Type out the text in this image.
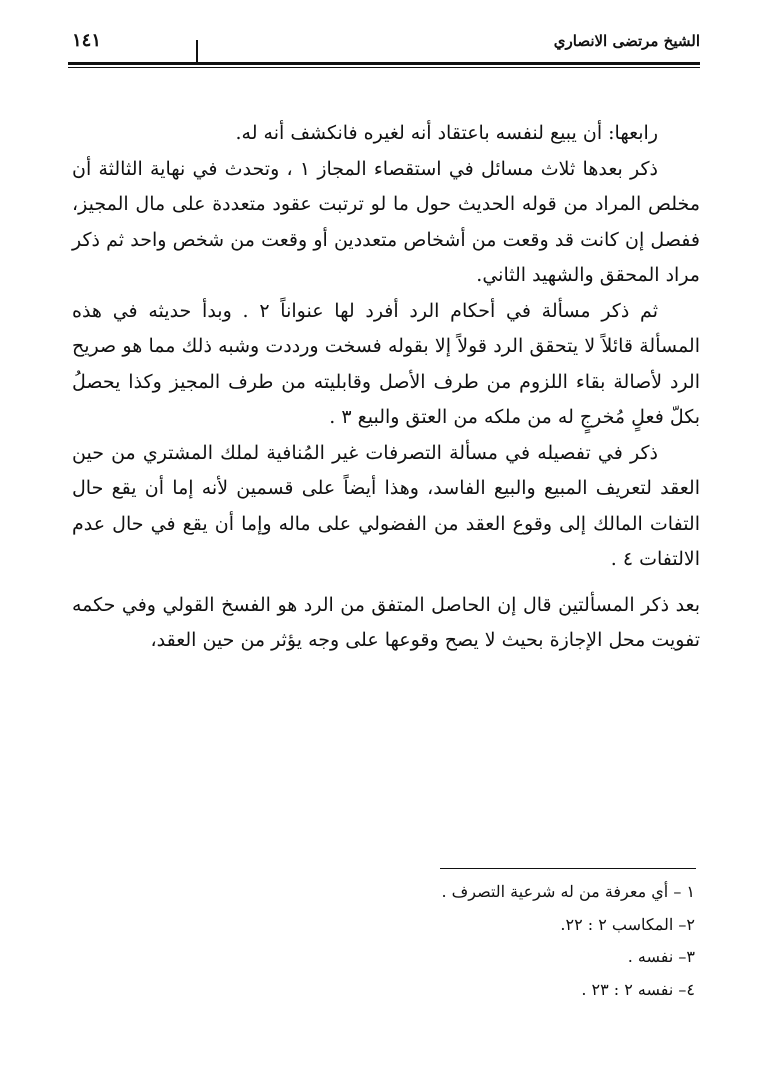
الشيخ مرتضى الانصاري
١٤١

رابعها: أن يبيع لنفسه باعتقاد أنه لغيره فانكشف أنه له.

ذكر بعدها ثلاث مسائل في استقصاء المجاز ١ ، وتحدث في نهاية الثالثة أن مخلص المراد من قوله الحديث حول ما لو ترتبت عقود متعددة على مال المجيز، ففصل إن كانت قد وقعت من أشخاص متعددين أو وقعت من شخص واحد ثم ذكر مراد المحقق والشهيد الثاني.

ثم ذكر مسألة في أحكام الرد أفرد لها عنواناً ٢ . وبدأ حديثه في هذه المسألة قائلاً لا يتحقق الرد قولاً إلا بقوله فسخت ورددت وشبه ذلك مما هو صريح الرد لأصالة بقاء اللزوم من طرف الأصل وقابليته من طرف المجيز وكذا يحصلُ بكلّ فعلٍ مُخرجٍ له من ملكه من العتق والبيع ٣ .

ذكر في تفصيله في مسألة التصرفات غير المُنافية لملك المشتري من حين العقد لتعريف المبيع والبيع الفاسد، وهذا أيضاً على قسمين لأنه إما أن يقع حال التفات المالك إلى وقوع العقد من الفضولي على ماله وإما أن يقع في حال عدم الالتفات ٤ .

بعد ذكر المسألتين قال إن الحاصل المتفق من الرد هو الفسخ القولي وفي حكمه تفويت محل الإجازة بحيث لا يصح وقوعها على وجه يؤثر من حين العقد،

١ – أي معرفة من له شرعية التصرف .
٢– المكاسب ٢ : ٢٢.
٣– نفسه .
٤– نفسه ٢ : ٢٣ .
